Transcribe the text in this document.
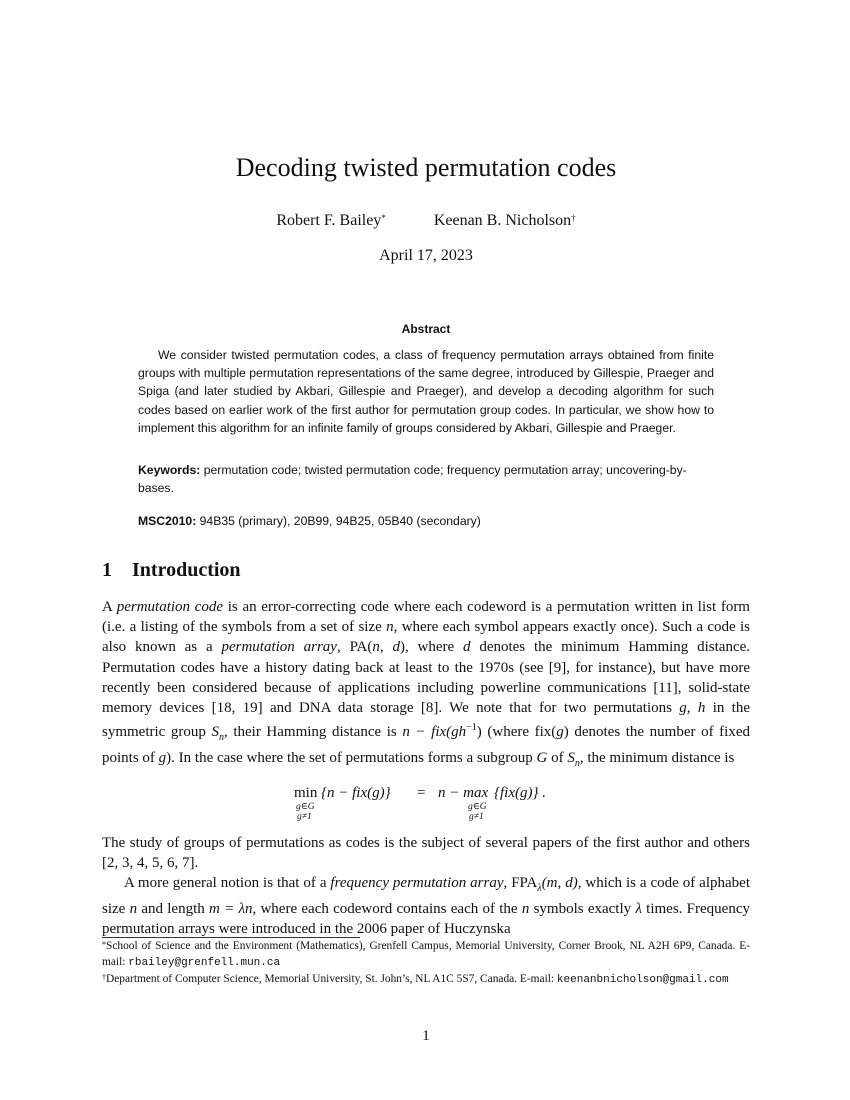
Decoding twisted permutation codes
Robert F. Bailey*	Keenan B. Nicholson†
April 17, 2023
Abstract

We consider twisted permutation codes, a class of frequency permutation arrays obtained from finite groups with multiple permutation representations of the same degree, introduced by Gillespie, Praeger and Spiga (and later studied by Akbari, Gillespie and Praeger), and develop a decoding algorithm for such codes based on earlier work of the first author for permutation group codes. In particular, we show how to implement this algorithm for an infinite family of groups considered by Akbari, Gillespie and Praeger.

Keywords: permutation code; twisted permutation code; frequency permutation array; uncovering-by-bases.

MSC2010: 94B35 (primary), 20B99, 94B25, 05B40 (secondary)

1 Introduction

A permutation code is an error-correcting code where each codeword is a permutation written in list form (i.e. a listing of the symbols from a set of size n, where each symbol appears exactly once). Such a code is also known as a permutation array, PA(n, d), where d denotes the minimum Hamming distance. Permutation codes have a history dating back at least to the 1970s (see [9], for instance), but have more recently been considered because of applications including powerline communications [11], solid-state memory devices [18, 19] and DNA data storage [8]. We note that for two permutations g, h in the symmetric group $S_n$, their Hamming distance is $n - fix(gh^{-1})$ (where fix(g) denotes the number of fixed points of g). In the case where the set of permutations forms a subgroup G of $S_n$, the minimum distance is

min
g∈G
g≠1
{n − fix(g)} = n − max
g∈G
g≠1
{fix(g)} .

The study of groups of permutations as codes is the subject of several papers of the first author and others [2, 3, 4, 5, 6, 7].

A more general notion is that of a frequency permutation array, $FPA_\lambda(m$, d), which is a code of alphabet size n and length m = λn, where each codeword contains each of the n symbols exactly λ times. Frequency permutation arrays were introduced in the 2006 paper of Huczynska

*School of Science and the Environment (Mathematics), Grenfell Campus, Memorial University, Corner Brook, NL A2H 6P9, Canada. E-mail: rbailey@grenfell.mun.ca

†Department of Computer Science, Memorial University, St. John’s, NL A1C 5S7, Canada. E-mail: keenanbnicholson@gmail.com

1
